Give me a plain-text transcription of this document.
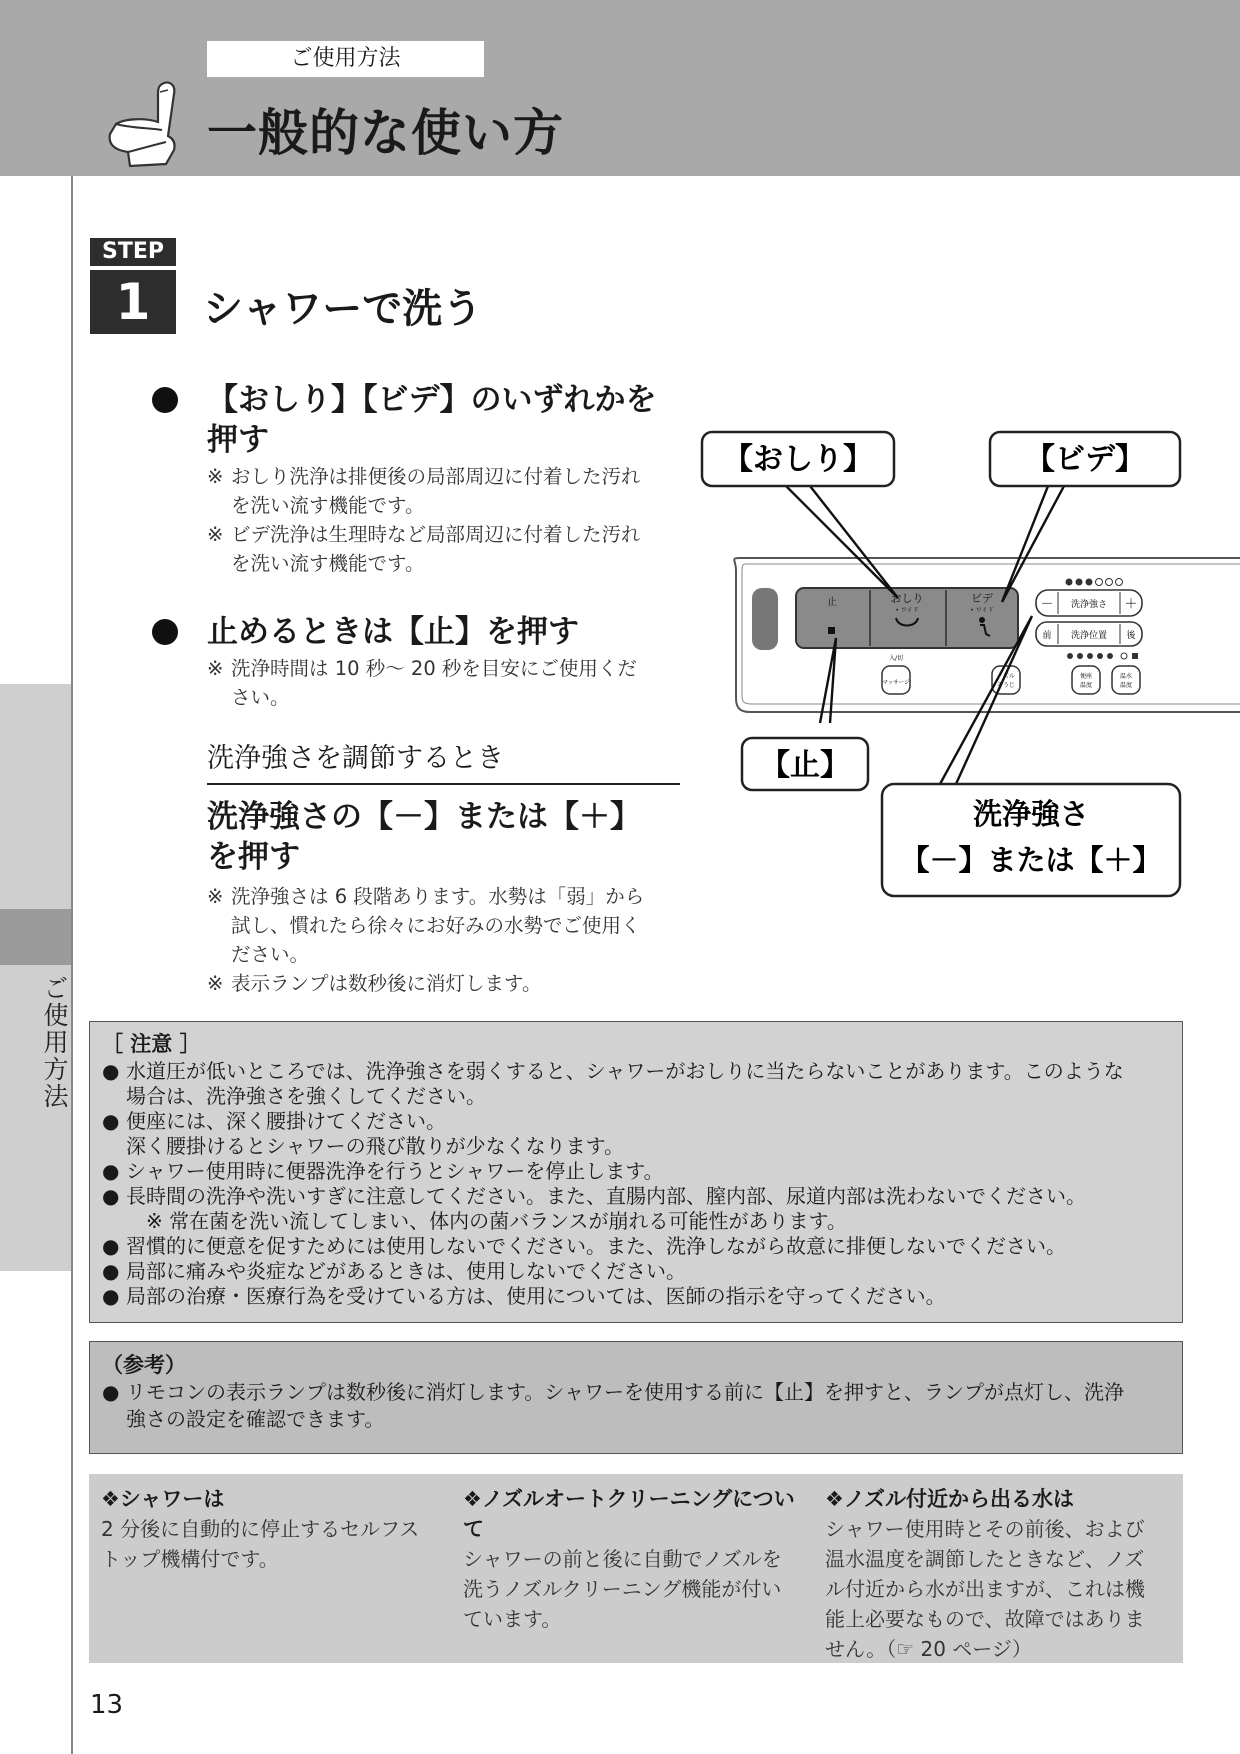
ご使用方法
一般的な使い方
ご使用方法
STEP
1	シャワーで洗う
【おしり】【ビデ】のいずれかを
押す
※ おしり洗浄は排便後の局部周辺に付着した汚れ
を洗い流す機能です。
※ ビデ洗浄は生理時など局部周辺に付着した汚れ
を洗い流す機能です。
止めるときは【止】を押す
※ 洗浄時間は 10 秒～ 20 秒を目安にご使用くだ
さい。
洗浄強さを調節するとき
洗浄強さの【－】または【＋】
を押す
※ 洗浄強さは 6 段階あります。水勢は「弱」から
試し、慣れたら徐々にお好みの水勢でご使用く
ださい。
※ 表示ランプは数秒後に消灯します。
止	おしり
• ワイド
ビデ
• ワイド	－ 洗浄強さ ＋
前 洗浄位置 後
入/切
マッサージ
ノズル
そうじ
便座
温度
温水
温度
【おしり】	【ビデ】
【止】
洗浄強さ
【－】または【＋】
［ 注意 ］
● 水道圧が低いところでは、洗浄強さを弱くすると、シャワーがおしりに当たらないことがあります。このような
場合は、洗浄強さを強くしてください。
● 便座には、深く腰掛けてください。
深く腰掛けるとシャワーの飛び散りが少なくなります。
● シャワー使用時に便器洗浄を行うとシャワーを停止します。
● 長時間の洗浄や洗いすぎに注意してください。また、直腸内部、膣内部、尿道内部は洗わないでください。
※ 常在菌を洗い流してしまい、体内の菌バランスが崩れる可能性があります。
● 習慣的に便意を促すためには使用しないでください。また、洗浄しながら故意に排便しないでください。
● 局部に痛みや炎症などがあるときは、使用しないでください。
● 局部の治療・医療行為を受けている方は、使用については、医師の指示を守ってください。
（参考）
● リモコンの表示ランプは数秒後に消灯します。シャワーを使用する前に【止】を押すと、ランプが点灯し、洗浄
強さの設定を確認できます。
❖シャワーは
2 分後に自動的に停止するセルフス
トップ機構付です。
❖ノズルオートクリーニングについて
シャワーの前と後に自動でノズルを
洗うノズルクリーニング機能が付い
ています。
❖ノズル付近から出る水は
シャワー使用時とその前後、および
温水温度を調節したときなど、ノズ
ル付近から水が出ますが、これは機
能上必要なもので、故障ではありま
せん。（☞ 20 ページ）
13
